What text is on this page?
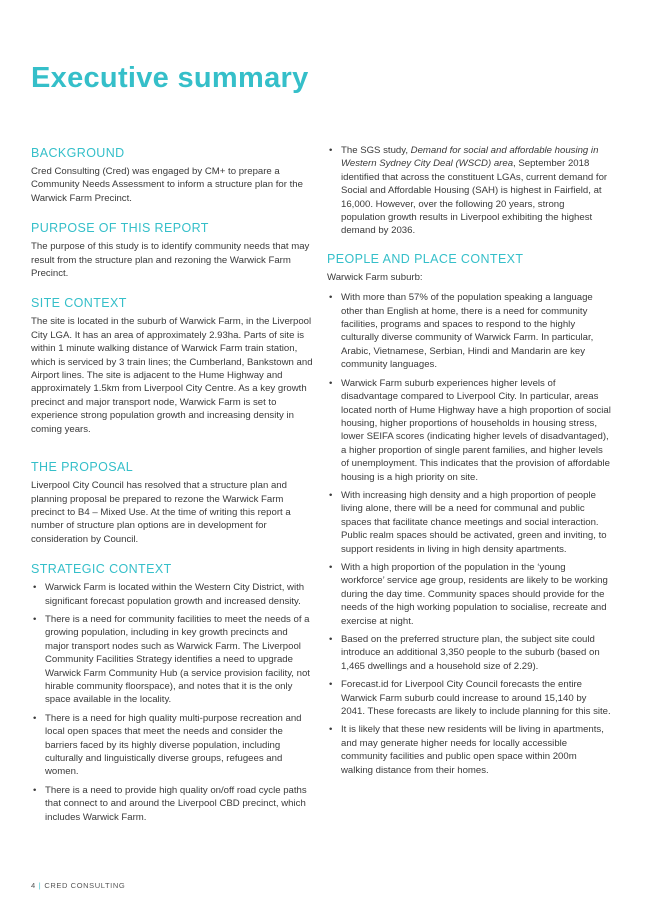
Executive summary
BACKGROUND

Cred Consulting (Cred) was engaged by CM+ to prepare a Community Needs Assessment to inform a structure plan for the Warwick Farm Precinct.

PURPOSE OF THIS REPORT

The purpose of this study is to identify community needs that may result from the structure plan and rezoning the Warwick Farm Precinct.

SITE CONTEXT

The site is located in the suburb of Warwick Farm, in the Liverpool City LGA. It has an area of approximately 2.93ha. Parts of site is within 1 minute walking distance of Warwick Farm train station, which is serviced by 3 train lines; the Cumberland, Bankstown and Airport lines. The site is adjacent to the Hume Highway and approximately 1.5km from Liverpool City Centre. As a key growth precinct and major transport node, Warwick Farm is set to experience strong population growth and increasing density in coming years.

THE PROPOSAL

Liverpool City Council has resolved that a structure plan and planning proposal be prepared to rezone the Warwick Farm precinct to B4 – Mixed Use. At the time of writing this report a number of structure plan options are in development for consideration by Council.

STRATEGIC CONTEXT
• Warwick Farm is located within the Western City District, with significant forecast population growth and increased density.
• There is a need for community facilities to meet the needs of a growing population, including in key growth precincts and major transport nodes such as Warwick Farm. The Liverpool Community Facilities Strategy identifies a need to upgrade Warwick Farm Community Hub (a service provision facility, not hirable community floorspace), and notes that it is the only space available in the locality.
• There is a need for high quality multi-purpose recreation and local open spaces that meet the needs and consider the barriers faced by its highly diverse population, including culturally and linguistically diverse groups, refugees and women.
• There is a need to provide high quality on/off road cycle paths that connect to and around the Liverpool CBD precinct, which includes Warwick Farm.
• The SGS study, Demand for social and affordable housing in Western Sydney City Deal (WSCD) area, September 2018 identified that across the constituent LGAs, current demand for Social and Affordable Housing (SAH) is highest in Fairfield, at 16,000. However, over the following 20 years, strong population growth results in Liverpool exhibiting the highest demand by 2036.
PEOPLE AND PLACE CONTEXT

Warwick Farm suburb:

• With more than 57% of the population speaking a language other than English at home, there is a need for community facilities, programs and spaces to respond to the highly culturally diverse community of Warwick Farm. In particular, Arabic, Vietnamese, Serbian, Hindi and Mandarin are key community languages.
• Warwick Farm suburb experiences higher levels of disadvantage compared to Liverpool City. In particular, areas located north of Hume Highway have a high proportion of social housing, higher proportions of households in housing stress, lower SEIFA scores (indicating higher levels of disadvantaged), a higher proportion of single parent families, and higher levels of unemployment. This indicates that the provision of affordable housing is a high priority on site.
• With increasing high density and a high proportion of people living alone, there will be a need for communal and public spaces that facilitate chance meetings and social interaction. Public realm spaces should be activated, green and inviting, to support residents in living in high density apartments.
• With a high proportion of the population in the ‘young workforce’ service age group, residents are likely to be working during the day time. Community spaces should provide for the needs of the high working population to socialise, recreate and exercise at night.
• Based on the preferred structure plan, the subject site could introduce an additional 3,350 people to the suburb (based on 1,465 dwellings and a household size of 2.29).
• Forecast.id for Liverpool City Council forecasts the entire Warwick Farm suburb could increase to around 15,140 by 2041. These forecasts are likely to include planning for this site.
• It is likely that these new residents will be living in apartments, and may generate higher needs for locally accessible community facilities and public open space within 200m walking distance from their homes.
4 | CRED CONSULTING
